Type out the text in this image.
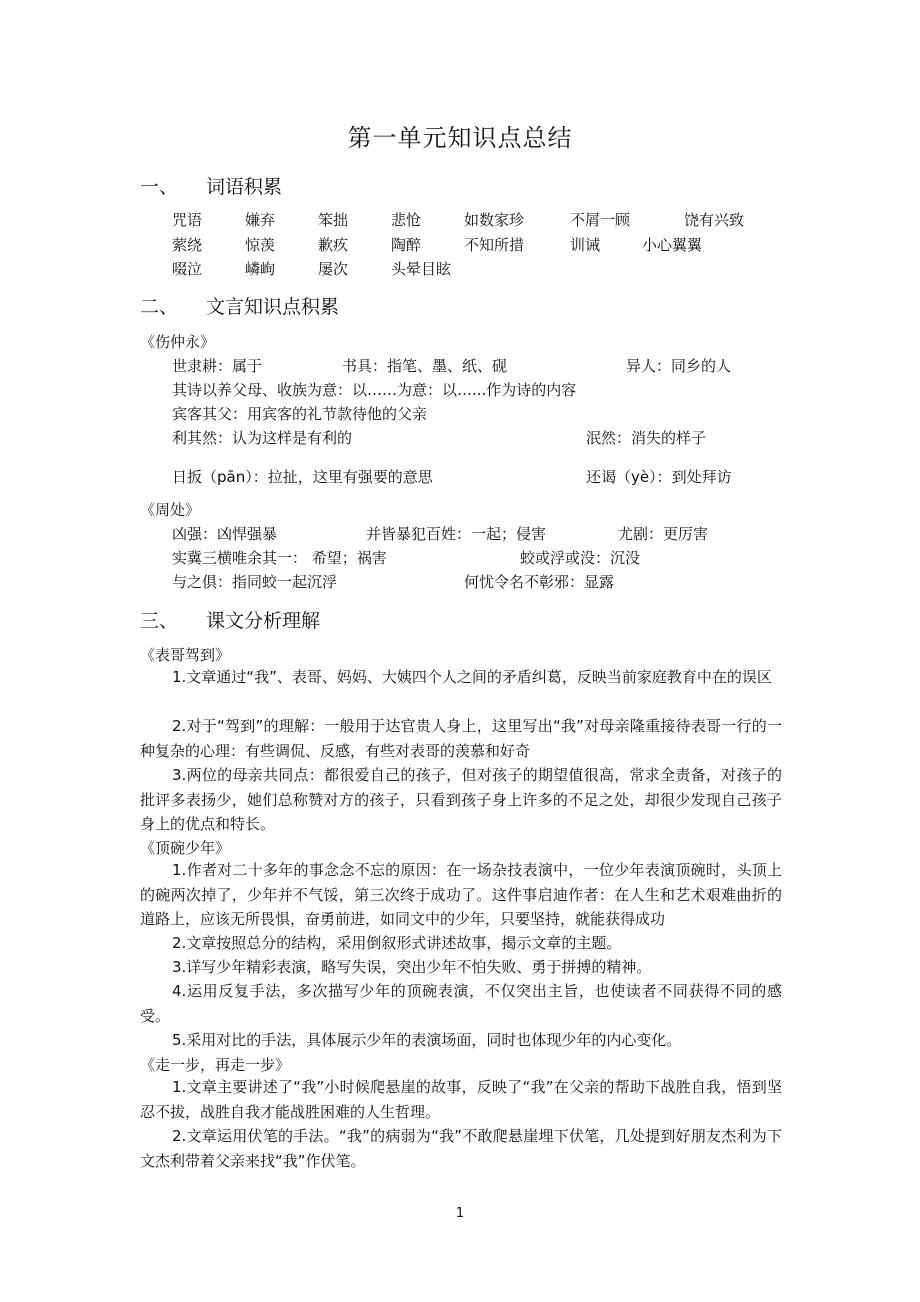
第一单元知识点总结
一、 词语积累
咒语	嫌弃	笨拙	悲怆	如数家珍	不屑一顾	饶有兴致
萦绕	惊羡	歉疚	陶醉	不知所措	训诫	小心翼翼
啜泣	嶙峋	屡次	头晕目眩
二、 文言知识点积累
《伤仲永》
世隶耕：属于	书具：指笔、墨、纸、砚	异人：同乡的人
其诗以养父母、收族为意：以……为意：以…...作为诗的内容
宾客其父：用宾客的礼节款待他的父亲
利其然：认为这样是有利的	泯然：消失的样子
日扳（pān）：拉扯，这里有强要的意思	还谒（yè）：到处拜访
《周处》
凶强：凶悍强暴	并皆暴犯百姓：一起；侵害	尤剧：更厉害
实冀三横唯余其一： 希望；祸害	蛟或浮或没：沉没
与之俱：指同蛟一起沉浮	何忧令名不彰邪：显露
三、 课文分析理解
《表哥驾到》
1.文章通过“我”、表哥、妈妈、大姨四个人之间的矛盾纠葛，反映当前家庭教育中在的误区
2.对于“驾到”的理解：一般用于达官贵人身上，这里写出“我”对母亲隆重接待表哥一行的一种复杂的心理：有些调侃、反感，有些对表哥的羡慕和好奇
3.两位的母亲共同点：都很爱自己的孩子，但对孩子的期望值很高，常求全责备，对孩子的批评多表扬少，她们总称赞对方的孩子，只看到孩子身上许多的不足之处，却很少发现自己孩子身上的优点和特长。
《顶碗少年》
1.作者对二十多年的事念念不忘的原因：在一场杂技表演中，一位少年表演顶碗时，头顶上的碗两次掉了，少年并不气馁，第三次终于成功了。这件事启迪作者：在人生和艺术艰难曲折的道路上，应该无所畏惧，奋勇前进，如同文中的少年，只要坚持，就能获得成功
2.文章按照总分的结构，采用倒叙形式讲述故事，揭示文章的主题。
3.详写少年精彩表演，略写失误，突出少年不怕失败、勇于拼搏的精神。
4.运用反复手法，多次描写少年的顶碗表演，不仅突出主旨，也使读者不同获得不同的感受。
5.采用对比的手法，具体展示少年的表演场面，同时也体现少年的内心变化。
《走一步，再走一步》
1.文章主要讲述了“我”小时候爬悬崖的故事，反映了“我”在父亲的帮助下战胜自我，悟到坚忍不拔，战胜自我才能战胜困难的人生哲理。
2.文章运用伏笔的手法。“我”的病弱为“我”不敢爬悬崖埋下伏笔，几处提到好朋友杰利为下文杰利带着父亲来找“我”作伏笔。
1
